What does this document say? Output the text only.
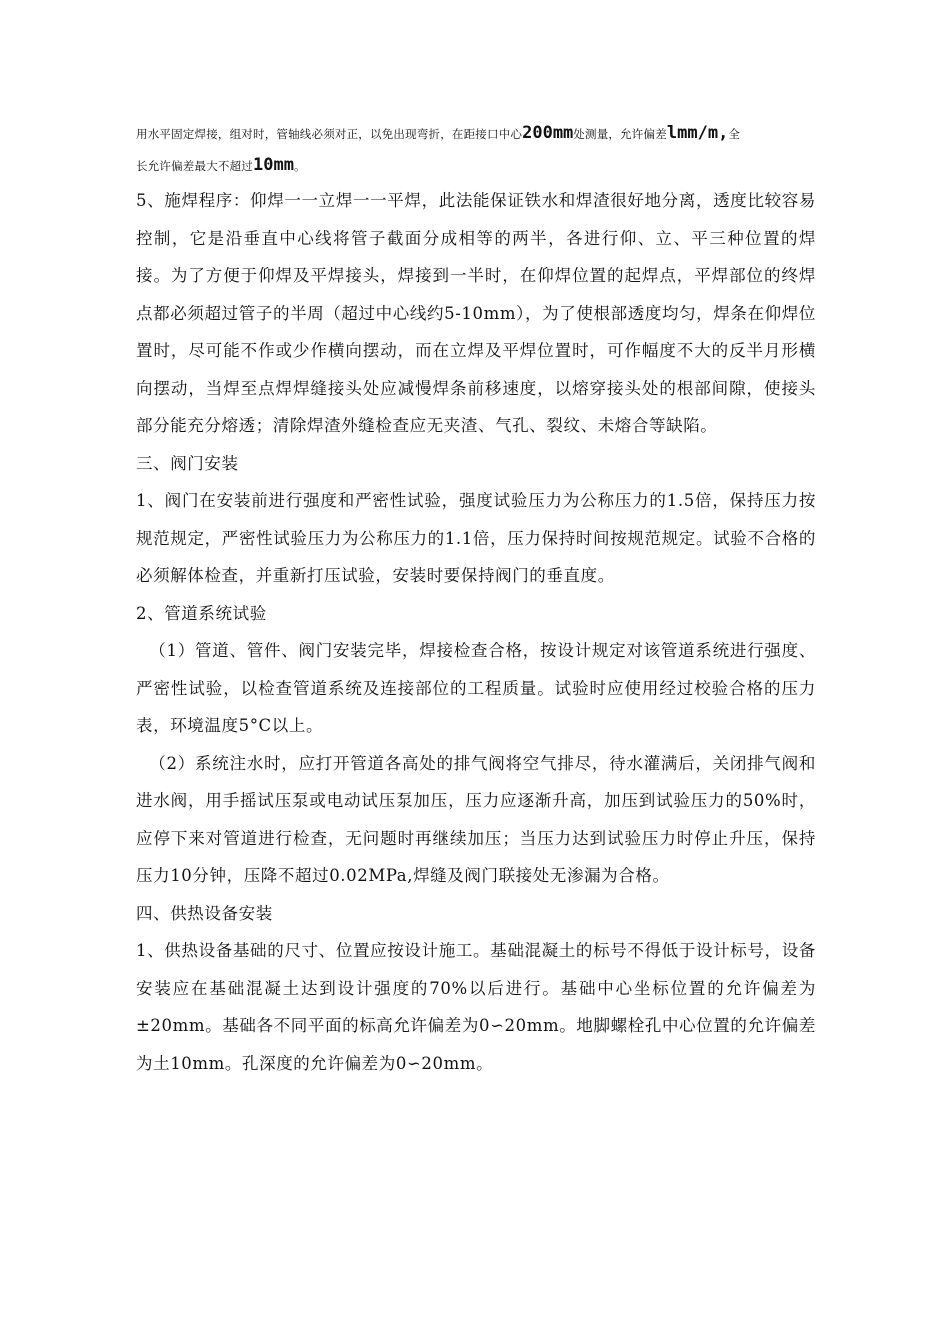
用水平固定焊接，组对时，管轴线必须对正，以免出现弯折，在距接口中心200mm处测量，允许偏差lmm/m,全
长允许偏差最大不超过10mm。

5、施焊程序：仰焊一一立焊一一平焊，此法能保证铁水和焊渣很好地分离，透度比较容易控制，它是沿垂直中心线将管子截面分成相等的两半，各进行仰、立、平三种位置的焊接。为了方便于仰焊及平焊接头，焊接到一半时，在仰焊位置的起焊点，平焊部位的终焊点都必须超过管子的半周（超过中心线约5-10mm），为了使根部透度均匀，焊条在仰焊位置时，尽可能不作或少作横向摆动，而在立焊及平焊位置时，可作幅度不大的反半月形横向摆动，当焊至点焊焊缝接头处应减慢焊条前移速度，以熔穿接头处的根部间隙，使接头部分能充分熔透；清除焊渣外缝检查应无夹渣、气孔、裂纹、未熔合等缺陷。

三、阀门安装

1、阀门在安装前进行强度和严密性试验，强度试验压力为公称压力的1.5倍，保持压力按规范规定，严密性试验压力为公称压力的1.1倍，压力保持时间按规范规定。试验不合格的必须解体检查，并重新打压试验，安装时要保持阀门的垂直度。

2、管道系统试验

（1）管道、管件、阀门安装完毕，焊接检查合格，按设计规定对该管道系统进行强度、严密性试验，以检查管道系统及连接部位的工程质量。试验时应使用经过校验合格的压力表，环境温度5°C以上。

（2）系统注水时，应打开管道各高处的排气阀将空气排尽，待水灌满后，关闭排气阀和进水阀，用手摇试压泵或电动试压泵加压，压力应逐渐升高，加压到试验压力的50%时，应停下来对管道进行检查，无问题时再继续加压；当压力达到试验压力时停止升压，保持压力10分钟，压降不超过0.02MPa,焊缝及阀门联接处无渗漏为合格。

四、供热设备安装

1、供热设备基础的尺寸、位置应按设计施工。基础混凝土的标号不得低于设计标号，设备安装应在基础混凝土达到设计强度的70%以后进行。基础中心坐标位置的允许偏差为±20mm。基础各不同平面的标高允许偏差为0∽20mm。地脚螺栓孔中心位置的允许偏差为土10mm。孔深度的允许偏差为0∽20mm。
